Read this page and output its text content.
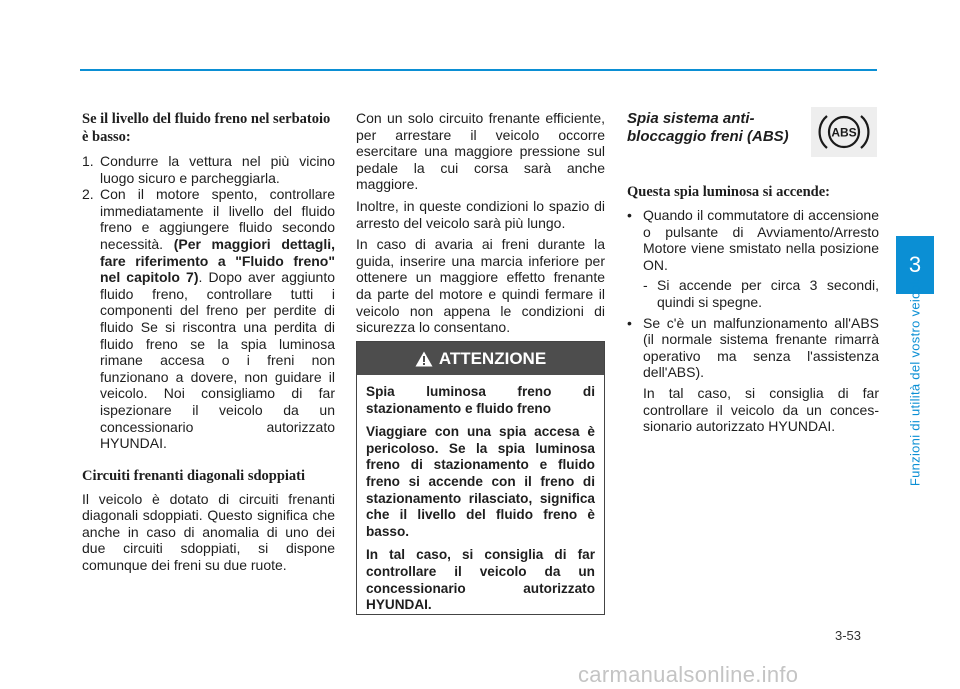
Se il livello del fluido freno nel serbatoio è basso:

1. Condurre la vettura nel più vicino luogo sicuro e parcheggiarla.
2. Con il motore spento, controllare immediatamente il livello del fluido freno e aggiungere fluido secondo necessità. (Per maggiori dettagli, fare riferimento a "Fluido freno" nel capitolo 7). Dopo aver aggiunto fluido freno, controllare tutti i componenti del freno per perdite di fluido Se si riscontra una perdita di fluido freno se la spia luminosa rimane accesa o i freni non funzionano a dovere, non guidare il veicolo. Noi consigliamo di far ispezionare il veicolo da un concessionario autorizzato HYUNDAI.

Circuiti frenanti diagonali sdoppiati

Il veicolo è dotato di circuiti frenanti diagonali sdoppiati. Questo significa che anche in caso di anomalia di uno dei due circuiti sdoppiati, si dispone comunque dei freni su due ruote.

Con un solo circuito frenante efficiente, per arrestare il veicolo occorre esercitare una maggiore pressione sul pedale la cui corsa sarà anche maggiore.

Inoltre, in queste condizioni lo spazio di arresto del veicolo sarà più lungo.

In caso di avaria ai freni durante la guida, inserire una marcia inferiore per ottenere un maggiore effetto frenante da parte del motore e quindi fermare il veicolo non appena le condizioni di sicurezza lo consentano.

ATTENZIONE

Spia luminosa freno di stazionamento e fluido freno

Viaggiare con una spia accesa è pericoloso. Se la spia luminosa freno di stazionamento e fluido freno si accende con il freno di stazionamento rilasciato, significa che il livello del fluido freno è basso.

In tal caso, si consiglia di far controllare il veicolo da un concessionario autorizzato HYUNDAI.

Spia sistema anti-bloccaggio freni (ABS)

Questa spia luminosa si accende:

• Quando il commutatore di accensione o pulsante di Avviamento/Arresto Motore viene smistato nella posizione ON.
- Si accende per circa 3 secondi, quindi si spegne.
• Se c'è un malfunzionamento all'ABS (il normale sistema frenante rimarrà operativo ma senza l'assistenza dell'ABS).

In tal caso, si consiglia di far controllare il veicolo da un conces-sionario autorizzato HYUNDAI.

ABS
3
Funzioni di utilità del vostro veicolo
3-53
carmanualsonline.info
